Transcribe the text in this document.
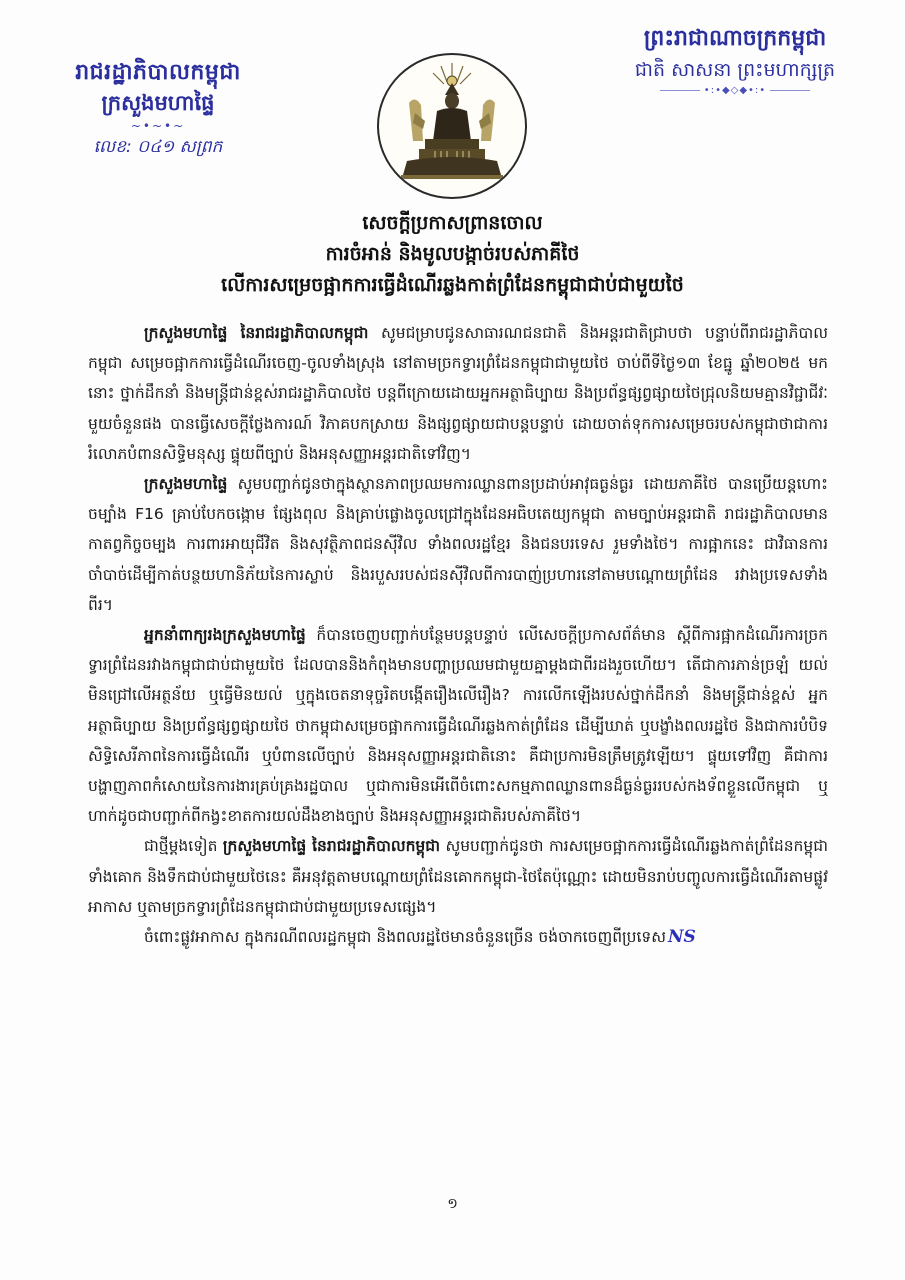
រាជរដ្ឋាភិបាលកម្ពុជា
ក្រសួងមហាផ្ទៃ
~•~•~
លេខ: ០៤១ សព្រក
ព្រះរាជាណាចក្រកម្ពុជា
ជាតិ សាសនា ព្រះមហាក្សត្រ
•:•◆◇◆•:•
សេចក្តីប្រកាសព្រានចោល
ការចំអាន់ និងមូលបង្កាច់របស់ភាគីថៃ
លើការសម្រេចផ្អាកការធ្វើដំណើរឆ្លងកាត់ព្រំដែនកម្ពុជាជាប់ជាមួយថៃ

ក្រសួងមហាផ្ទៃ នៃរាជរដ្ឋាភិបាលកម្ពុជា សូមជម្រាបជូនសាធារណជនជាតិ និងអន្តរជាតិជ្រាបថា បន្ទាប់ពីរាជរដ្ឋាភិបាលកម្ពុជា សម្រេចផ្អាកការធ្វើដំណើរចេញ-ចូលទាំងស្រុង នៅតាមច្រកទ្វារព្រំដែនកម្ពុជាជាមួយថៃ ចាប់ពីទីថ្ងៃ១៣ ខែធ្នូ ឆ្នាំ២០២៥ មកនោះ ថ្នាក់ដឹកនាំ និងមន្ត្រីជាន់ខ្ពស់រាជរដ្ឋាភិបាលថៃ បន្តពីក្រោយដោយអ្នកអត្ថាធិប្បាយ និងប្រព័ន្ធផ្សព្វផ្សាយថៃជ្រុលនិយមគ្មានវិជ្ជាជីវៈមួយចំនួនផង បានធ្វើសេចក្តីថ្លែងការណ៍ វិភាគបកស្រាយ និងផ្សព្វផ្សាយជាបន្តបន្ទាប់ ដោយចាត់ទុកការសម្រេចរបស់កម្ពុជាថាជាការរំលោភបំពានសិទ្ធិមនុស្ស ផ្ទុយពីច្បាប់ និងអនុសញ្ញាអន្តរជាតិទៅវិញ។

ក្រសួងមហាផ្ទៃ សូមបញ្ជាក់ជូនថាក្នុងស្ថានភាពប្រឈមការឈ្លានពានប្រដាប់អាវុធធ្ងន់ធ្ងរ ដោយភាគីថៃ បានប្រើយន្តហោះចម្បាំង F16 គ្រាប់បែកចង្កោម ផ្សែងពុល និងគ្រាប់ផ្លោងចូលជ្រៅក្នុងដែនអធិបតេយ្យកម្ពុជា តាមច្បាប់អន្តរជាតិ រាជរដ្ឋាភិបាលមានកាតព្វកិច្ចចម្បង ការពារអាយុជីវិត និងសុវត្ថិភាពជនស៊ីវិល ទាំងពលរដ្ឋខ្មែរ និងជនបរទេស រួមទាំងថៃ។ ការផ្អាកនេះ ជាវិធានការចាំបាច់ដើម្បីកាត់បន្ថយហានិភ័យនៃការស្លាប់ និងរបួសរបស់ជនស៊ីវិលពីការបាញ់ប្រហារនៅតាមបណ្តោយព្រំដែន រវាងប្រទេសទាំងពីរ។

អ្នកនាំពាក្យរងក្រសួងមហាផ្ទៃ ក៏បានចេញបញ្ជាក់បន្ថែមបន្តបន្ទាប់ លើសេចក្តីប្រកាសព័ត៌មាន ស្តីពីការផ្អាកដំណើរការច្រកទ្វារព្រំដែនរវាងកម្ពុជាជាប់ជាមួយថៃ ដែលបាននិងកំពុងមានបញ្ហាប្រឈមជាមួយគ្នាម្តងជាពីរដងរួចហើយ។ តើជាការភាន់ច្រឡំ យល់មិនជ្រៅលើអត្ថន័យ ឬធ្វើមិនយល់ ឬក្នុងចេតនាទុច្ចរិតបង្កើតរឿងលើរឿង? ការលើកឡើងរបស់ថ្នាក់ដឹកនាំ និងមន្ត្រីជាន់ខ្ពស់ អ្នកអត្ថាធិប្បាយ និងប្រព័ន្ធផ្សព្វផ្សាយថៃ ថាកម្ពុជាសម្រេចផ្អាកការធ្វើដំណើរឆ្លងកាត់ព្រំដែន ដើម្បីឃាត់ ឬបង្ខាំងពលរដ្ឋថៃ និងជាការបំបិទសិទ្ធិសេរីភាពនៃការធ្វើដំណើរ ឬបំពានលើច្បាប់ និងអនុសញ្ញាអន្តរជាតិនោះ គឺជាប្រការមិនត្រឹមត្រូវឡើយ។ ផ្ទុយទៅវិញ គឺជាការបង្ហាញភាពកំសោយនៃការងារគ្រប់គ្រងរដ្ឋបាល ឬជាការមិនអើពើចំពោះសកម្មភាពឈ្លានពានដ៏ធ្ងន់ធ្ងររបស់កងទ័ពខ្លួនលើកម្ពុជា ឬហាក់ដូចជាបញ្ជាក់ពីកង្វះខាតការយល់ដឹងខាងច្បាប់ និងអនុសញ្ញាអន្តរជាតិរបស់ភាគីថៃ។

ជាថ្មីម្តងទៀត ក្រសួងមហាផ្ទៃ នៃរាជរដ្ឋាភិបាលកម្ពុជា សូមបញ្ជាក់ជូនថា ការសម្រេចផ្អាកការធ្វើដំណើរឆ្លងកាត់ព្រំដែនកម្ពុជាទាំងគោក និងទឹកជាប់ជាមួយថៃនេះ គឺអនុវត្តតាមបណ្តោយព្រំដែនគោកកម្ពុជា-ថៃតែប៉ុណ្ណោះ ដោយមិនរាប់បញ្ចូលការធ្វើដំណើរតាមផ្លូវអាកាស ឬតាមច្រកទ្វារព្រំដែនកម្ពុជាជាប់ជាមួយប្រទេសផ្សេង។

ចំពោះផ្លូវអាកាស ក្នុងករណីពលរដ្ឋកម្ពុជា និងពលរដ្ឋថៃមានចំនួនច្រើន ចង់ចាកចេញពីប្រទេស NS

១
